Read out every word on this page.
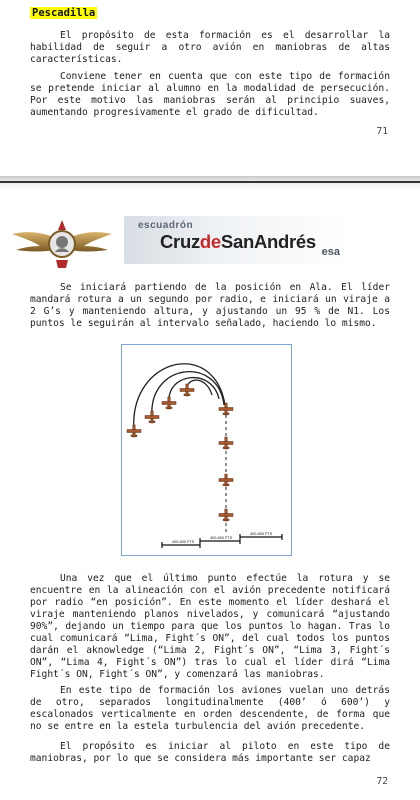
Pescadilla

El propósito de esta formación es el desarrollar la habilidad de seguir a otro avión en maniobras de altas características.

Conviene tener en cuenta que con este tipo de formación se pretende iniciar al alumno en la modalidad de persecución. Por este motivo las maniobras serán al principio suaves, aumentando progresivamente el grado de dificultad.

71
escuadrón
CruzdeSanAndrés esa

Se iniciará partiendo de la posición en Ala. El líder mandará rotura a un segundo por radio, e iniciará un viraje a 2 G’s y manteniendo altura, y ajustando un 95 % de N1. Los puntos le seguirán al intervalo señalado, haciendo lo mismo.

400-600 FTS
400-600 FTS
400-600 FTS

Una vez que el último punto efectúe la rotura y se encuentre en la alineación con el avión precedente notificará por radio “en posición”. En este momento el líder deshará el viraje manteniendo planos nivelados, y comunicará “ajustando 90%”, dejando un tiempo para que los puntos lo hagan. Tras lo cual comunicará “Lima, Fight´s ON”, del cual todos los puntos darán el aknowledge (“Lima 2, Fight´s ON”, “Lima 3, Fight´s ON”, “Lima 4, Fight´s ON”) tras lo cual el líder dirá “Lima Fight´s ON, Fight´s ON”, y comenzará las maniobras.

En este tipo de formación los aviones vuelan uno detrás de otro, separados longitudinalmente (400’ ó 600’) y escalonados verticalmente en orden descendente, de forma que no se entre en la estela turbulencia del avión precedente.

El propósito es iniciar al piloto en este tipo de maniobras, por lo que se considera más importante ser capaz

72
